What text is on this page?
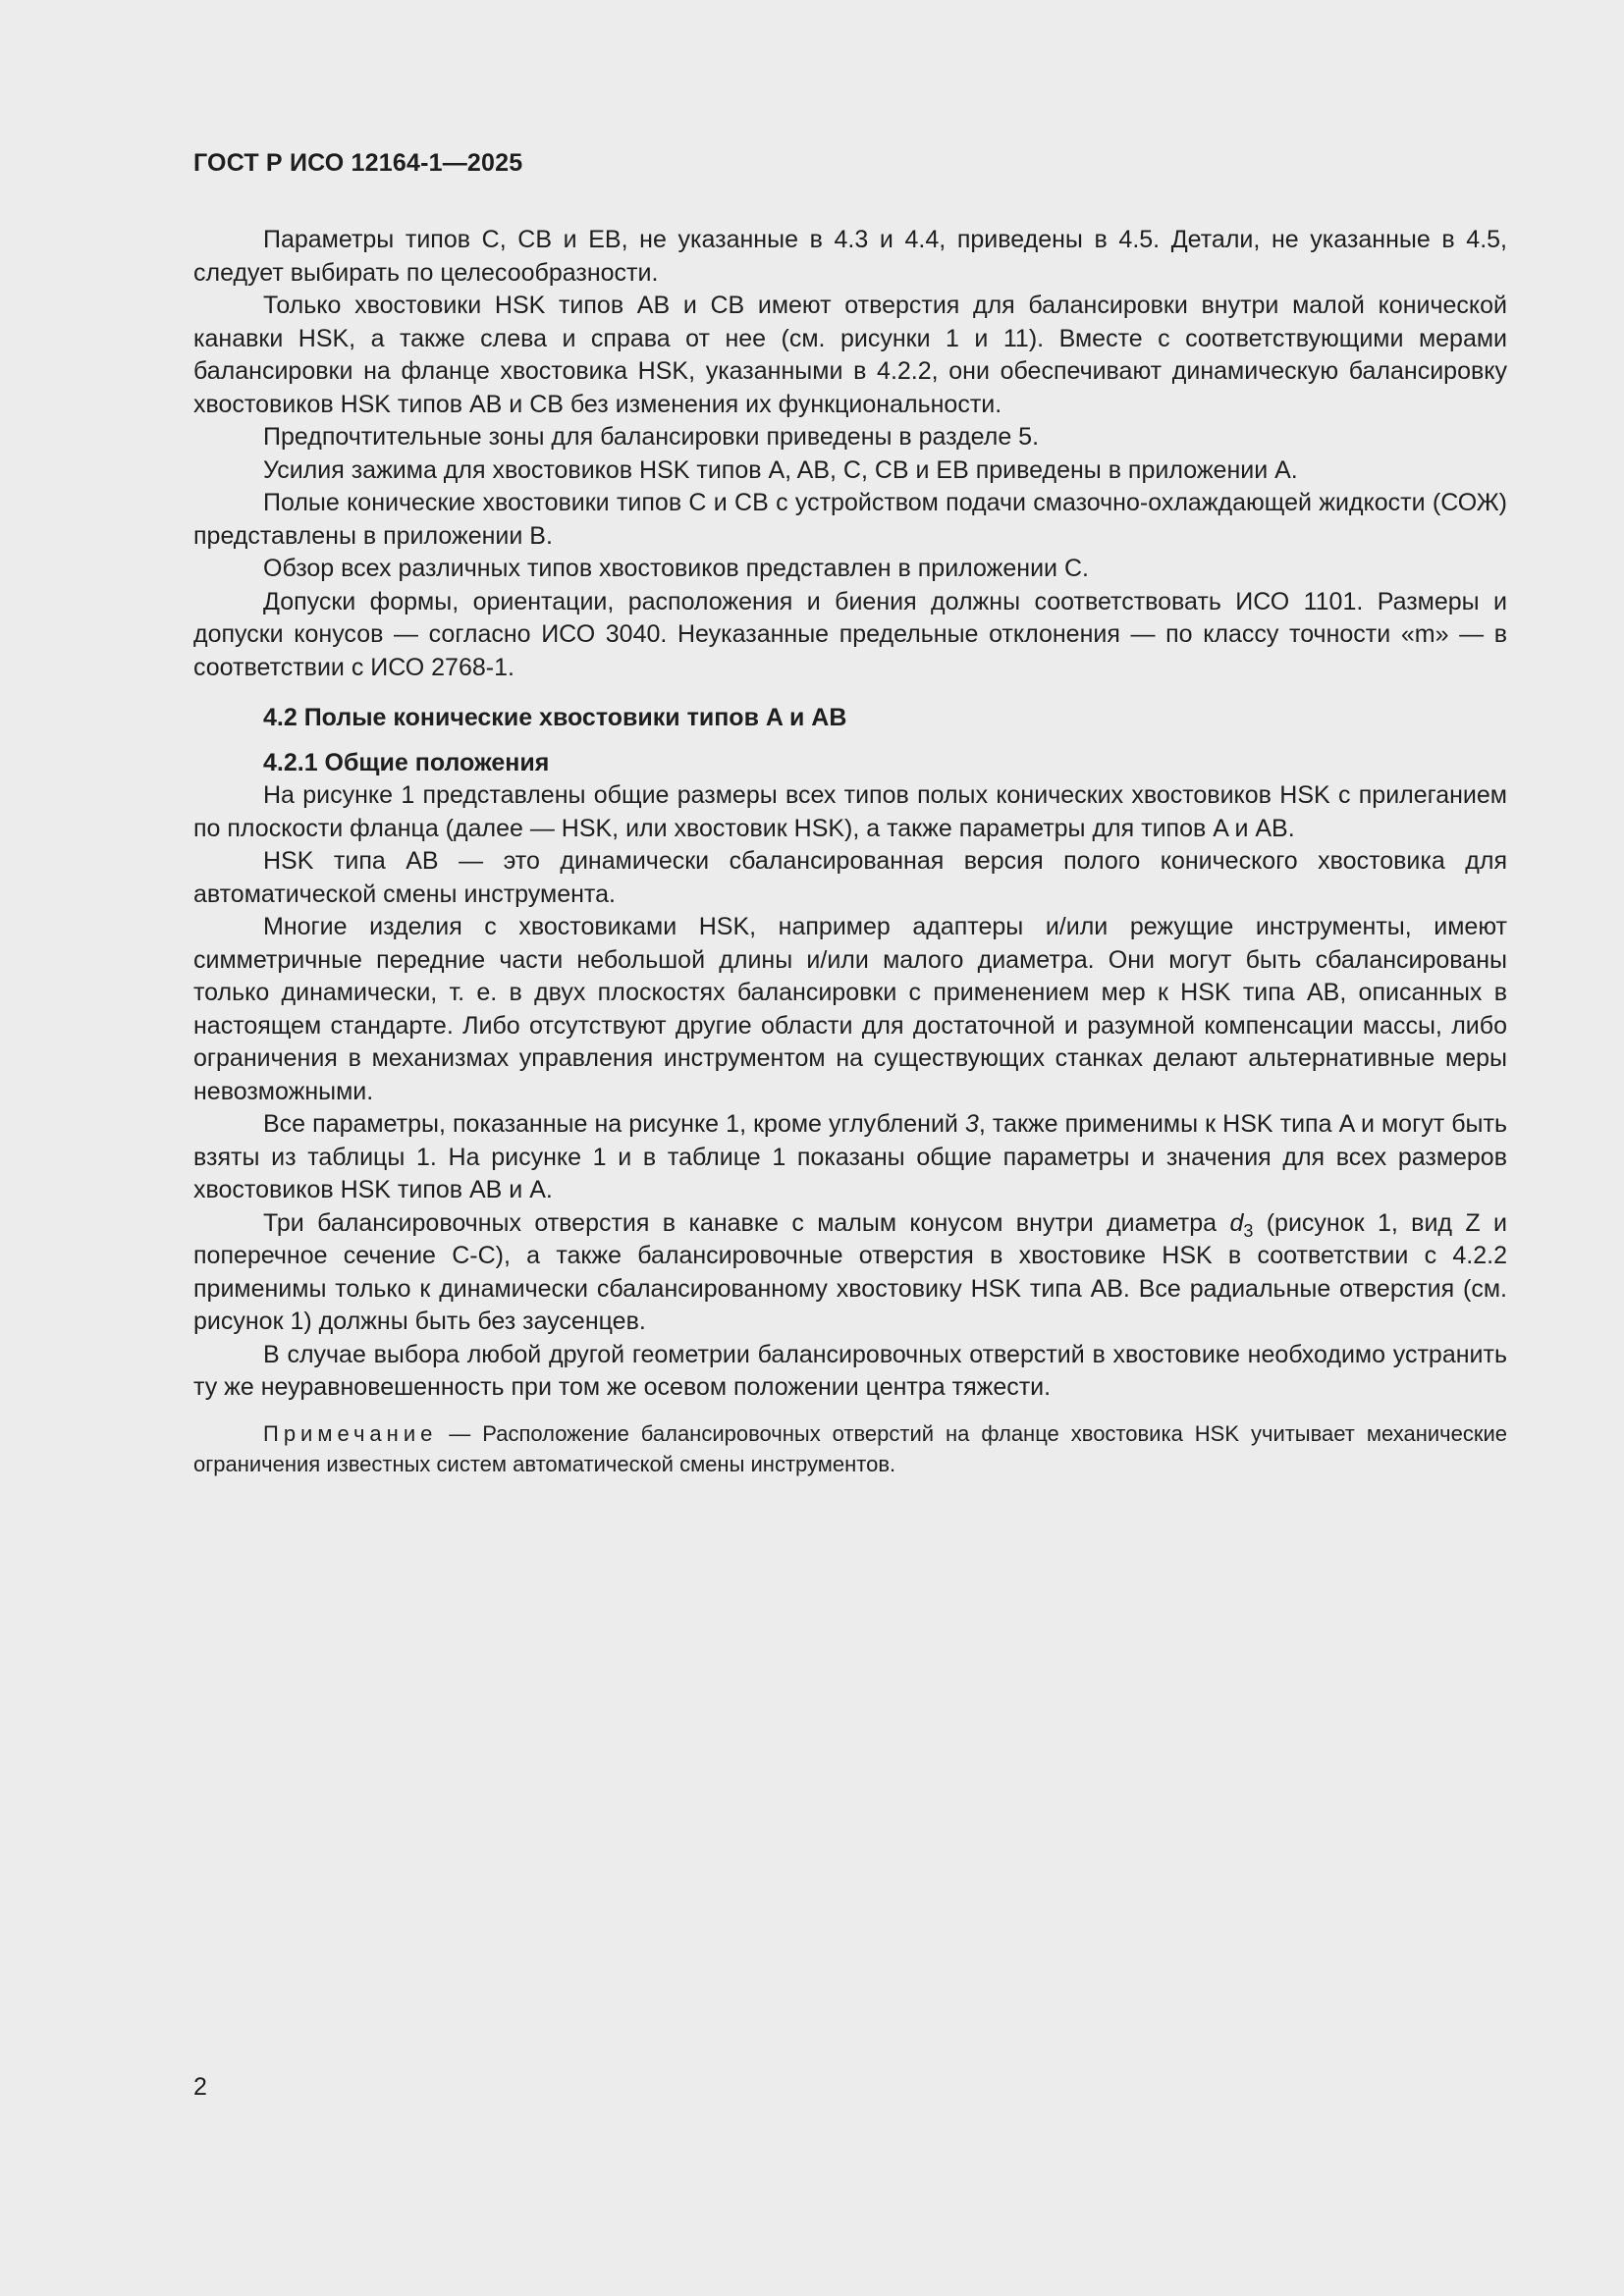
ГОСТ Р ИСО 12164-1—2025

Параметры типов C, CB и EB, не указанные в 4.3 и 4.4, приведены в 4.5. Детали, не указанные в 4.5, следует выбирать по целесообразности.

Только хвостовики HSK типов AB и CB имеют отверстия для балансировки внутри малой конической канавки HSK, а также слева и справа от нее (см. рисунки 1 и 11). Вместе с соответствующими мерами балансировки на фланце хвостовика HSK, указанными в 4.2.2, они обеспечивают динамическую балансировку хвостовиков HSK типов AB и CB без изменения их функциональности.

Предпочтительные зоны для балансировки приведены в разделе 5.

Усилия зажима для хвостовиков HSK типов A, AB, C, CB и EB приведены в приложении A.

Полые конические хвостовики типов C и CB с устройством подачи смазочно-охлаждающей жидкости (СОЖ) представлены в приложении B.

Обзор всех различных типов хвостовиков представлен в приложении C.

Допуски формы, ориентации, расположения и биения должны соответствовать ИСО 1101. Размеры и допуски конусов — согласно ИСО 3040. Неуказанные предельные отклонения — по классу точности «m» — в соответствии с ИСО 2768-1.

4.2 Полые конические хвостовики типов A и AB
4.2.1 Общие положения

На рисунке 1 представлены общие размеры всех типов полых конических хвостовиков HSK с прилеганием по плоскости фланца (далее — HSK, или хвостовик HSK), а также параметры для типов A и AB.

HSK типа AB — это динамически сбалансированная версия полого конического хвостовика для автоматической смены инструмента.

Многие изделия с хвостовиками HSK, например адаптеры и/или режущие инструменты, имеют симметричные передние части небольшой длины и/или малого диаметра. Они могут быть сбалансированы только динамически, т. е. в двух плоскостях балансировки с применением мер к HSK типа AB, описанных в настоящем стандарте. Либо отсутствуют другие области для достаточной и разумной компенсации массы, либо ограничения в механизмах управления инструментом на существующих станках делают альтернативные меры невозможными.

Все параметры, показанные на рисунке 1, кроме углублений 3, также применимы к HSK типа A и могут быть взяты из таблицы 1. На рисунке 1 и в таблице 1 показаны общие параметры и значения для всех размеров хвостовиков HSK типов AB и A.

Три балансировочных отверстия в канавке с малым конусом внутри диаметра $d_3$ (рисунок 1, вид Z и поперечное сечение C-C), а также балансировочные отверстия в хвостовике HSK в соответствии с 4.2.2 применимы только к динамически сбалансированному хвостовику HSK типа AB. Все радиальные отверстия (см. рисунок 1) должны быть без заусенцев.

В случае выбора любой другой геометрии балансировочных отверстий в хвостовике необходимо устранить ту же неуравновешенность при том же осевом положении центра тяжести.

Примечание — Расположение балансировочных отверстий на фланце хвостовика HSK учитывает механические ограничения известных систем автоматической смены инструментов.

2
